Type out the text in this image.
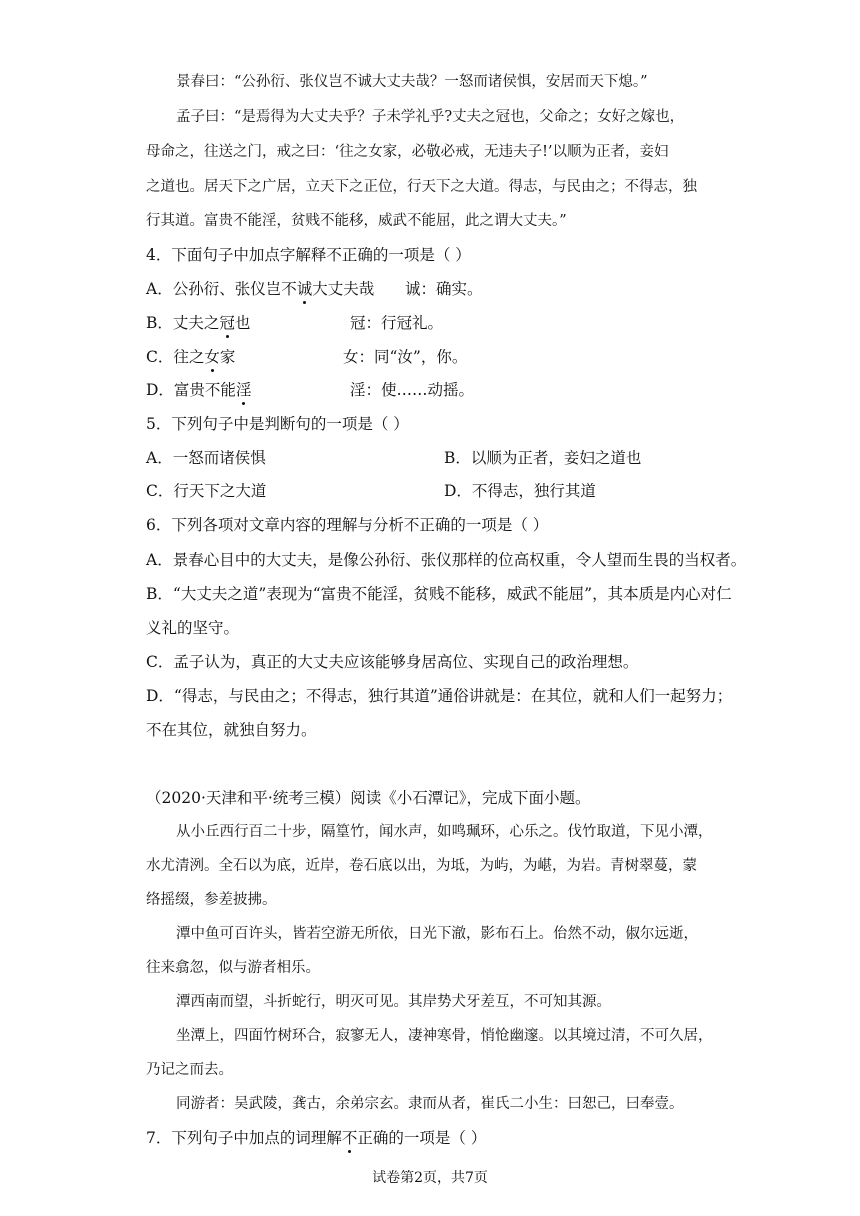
景春曰：“公孙衍、张仪岂不诚大丈夫哉？一怒而诸侯惧，安居而天下熄。”
孟子曰：“是焉得为大丈夫乎？子未学礼乎?丈夫之冠也，父命之；女好之嫁也，
母命之，往送之门，戒之曰：‘往之女家，必敬必戒，无违夫子!’以顺为正者，妾妇
之道也。居天下之广居，立天下之正位，行天下之大道。得志，与民由之；不得志，独
行其道。富贵不能淫，贫贱不能移，威武不能屈，此之谓大丈夫。”
4．下面句子中加点字解释不正确的一项是（ ）
A．公孙衍、张仪岂不诚大丈夫哉 诚：确实。
B．丈夫之冠也	冠：行冠礼。
C．往之女家	女：同“汝”，你。
D．富贵不能淫	淫：使……动摇。
5．下列句子中是判断句的一项是（ ）
A．一怒而诸侯惧	B．以顺为正者，妾妇之道也
C．行天下之大道	D．不得志，独行其道
6．下列各项对文章内容的理解与分析不正确的一项是（ ）
A．景春心目中的大丈夫，是像公孙衍、张仪那样的位高权重，令人望而生畏的当权者。
B．“大丈夫之道”表现为“富贵不能淫，贫贱不能移，威武不能屈”，其本质是内心对仁
义礼的坚守。
C．孟子认为，真正的大丈夫应该能够身居高位、实现自己的政治理想。
D．“得志，与民由之；不得志，独行其道”通俗讲就是：在其位，就和人们一起努力；
不在其位，就独自努力。
（2020·天津和平·统考三模）阅读《小石潭记》，完成下面小题。
从小丘西行百二十步，隔篁竹，闻水声，如鸣珮环，心乐之。伐竹取道，下见小潭，
水尤清洌。全石以为底，近岸，卷石底以出，为坻，为屿，为嵁，为岩。青树翠蔓，蒙
络摇缀，参差披拂。
潭中鱼可百许头，皆若空游无所依，日光下澈，影布石上。佁然不动，俶尔远逝，
往来翕忽，似与游者相乐。
潭西南而望，斗折蛇行，明灭可见。其岸势犬牙差互，不可知其源。
坐潭上，四面竹树环合，寂寥无人，凄神寒骨，悄怆幽邃。以其境过清，不可久居，
乃记之而去。
同游者：吴武陵，龚古，余弟宗玄。隶而从者，崔氏二小生：曰恕己，曰奉壹。
7．下列句子中加点的词理解不正确的一项是（ ）
试卷第2页，共7页
